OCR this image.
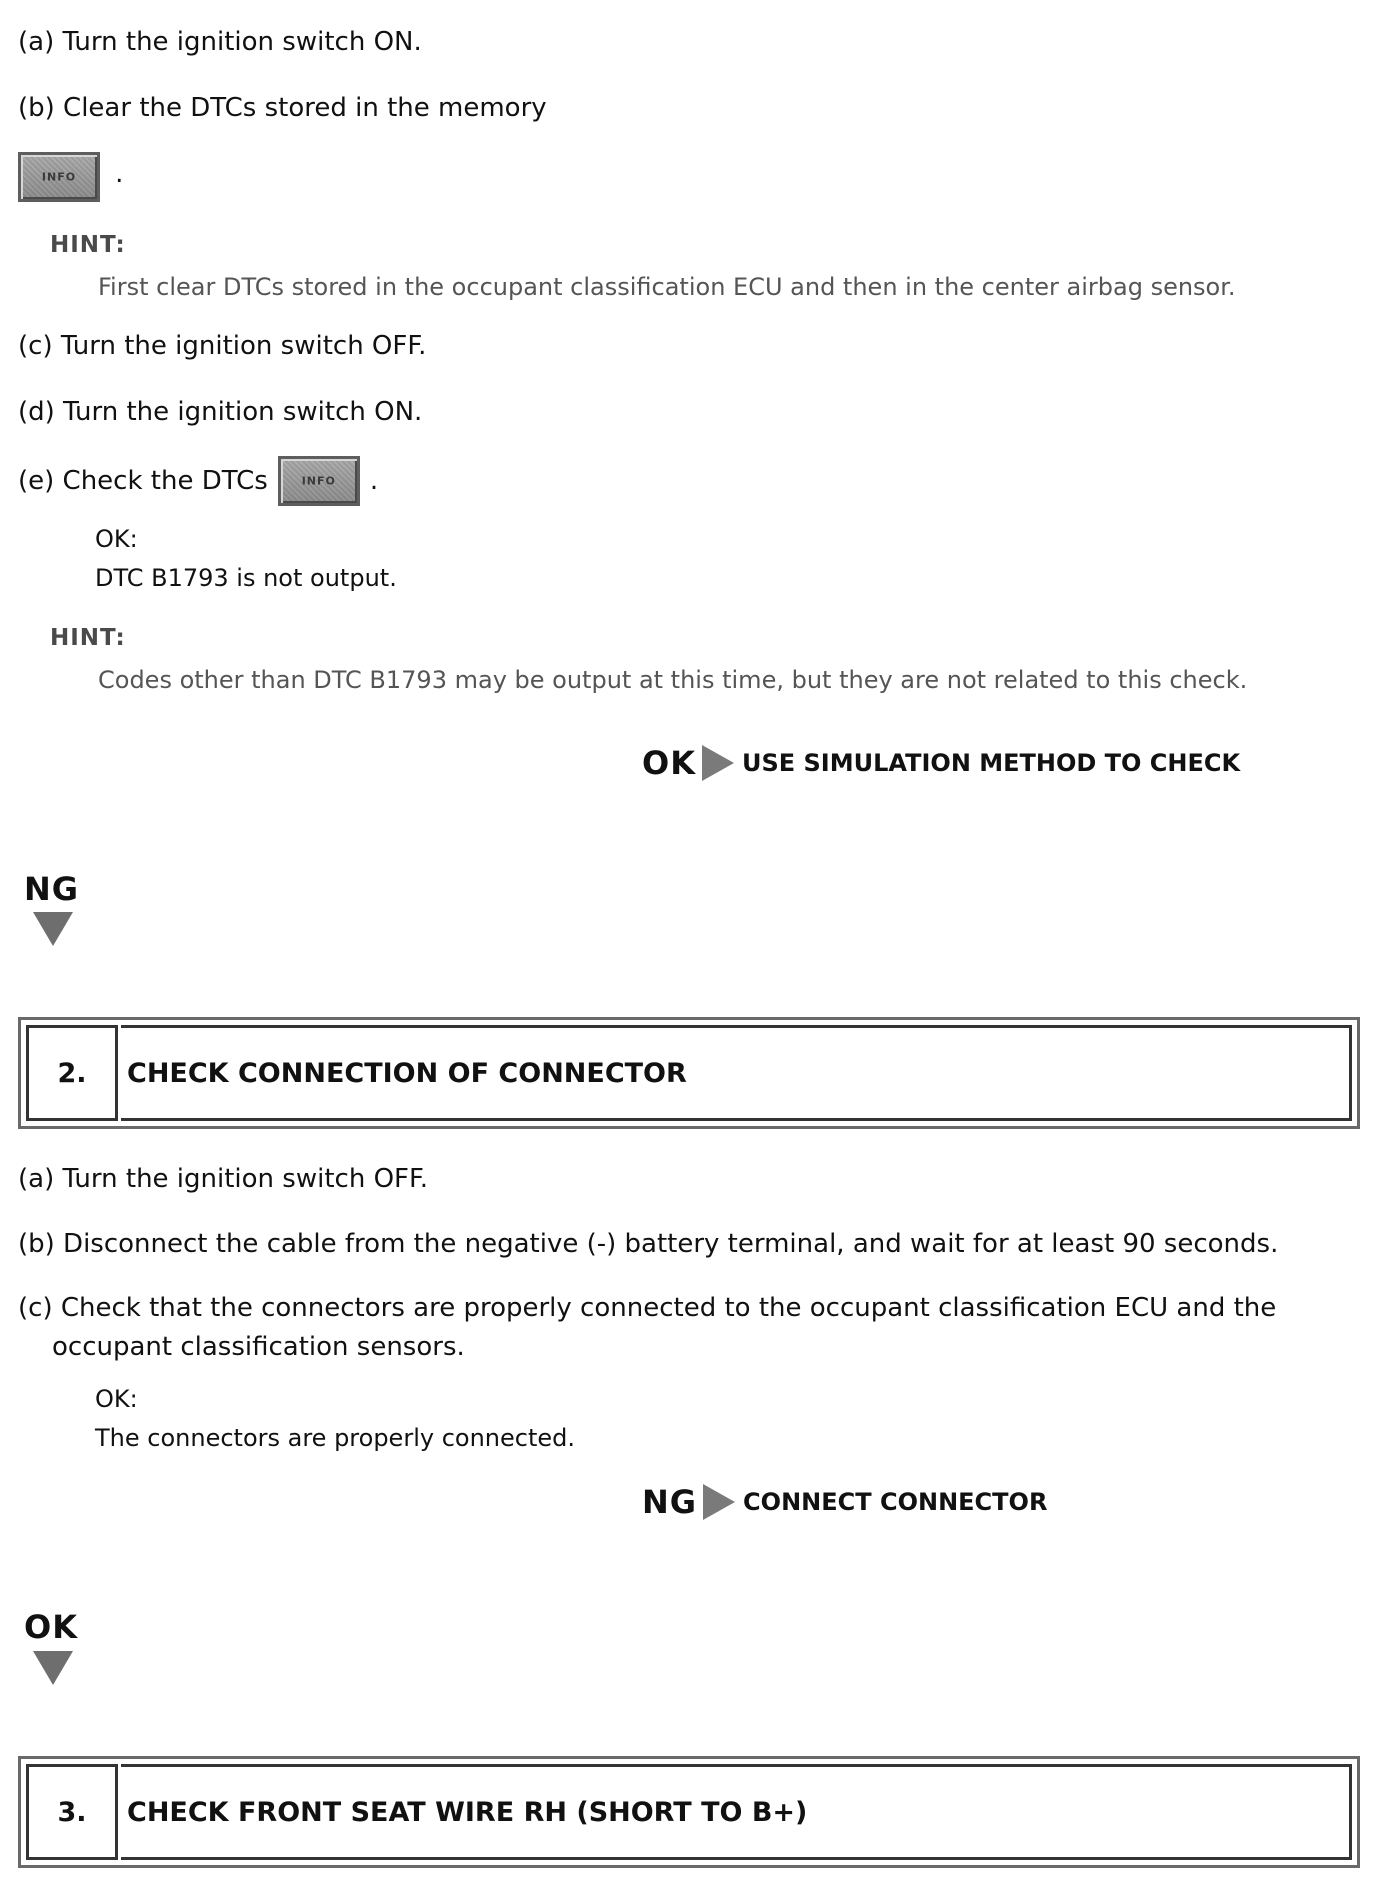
(a) Turn the ignition switch ON.
(b) Clear the DTCs stored in the memory
INFO	.
HINT:
First clear DTCs stored in the occupant classification ECU and then in the center airbag sensor.
(c) Turn the ignition switch OFF.
(d) Turn the ignition switch ON.
(e) Check the DTCs	INFO	.
OK:
DTC B1793 is not output.
HINT:
Codes other than DTC B1793 may be output at this time, but they are not related to this check.
OK USE SIMULATION METHOD TO CHECK
NG
2.	CHECK CONNECTION OF CONNECTOR
(a) Turn the ignition switch OFF.
(b) Disconnect the cable from the negative (-) battery terminal, and wait for at least 90 seconds.
(c) Check that the connectors are properly connected to the occupant classification ECU and the
occupant classification sensors.
OK:
The connectors are properly connected.
NG CONNECT CONNECTOR
OK
3.	CHECK FRONT SEAT WIRE RH (SHORT TO B+)
